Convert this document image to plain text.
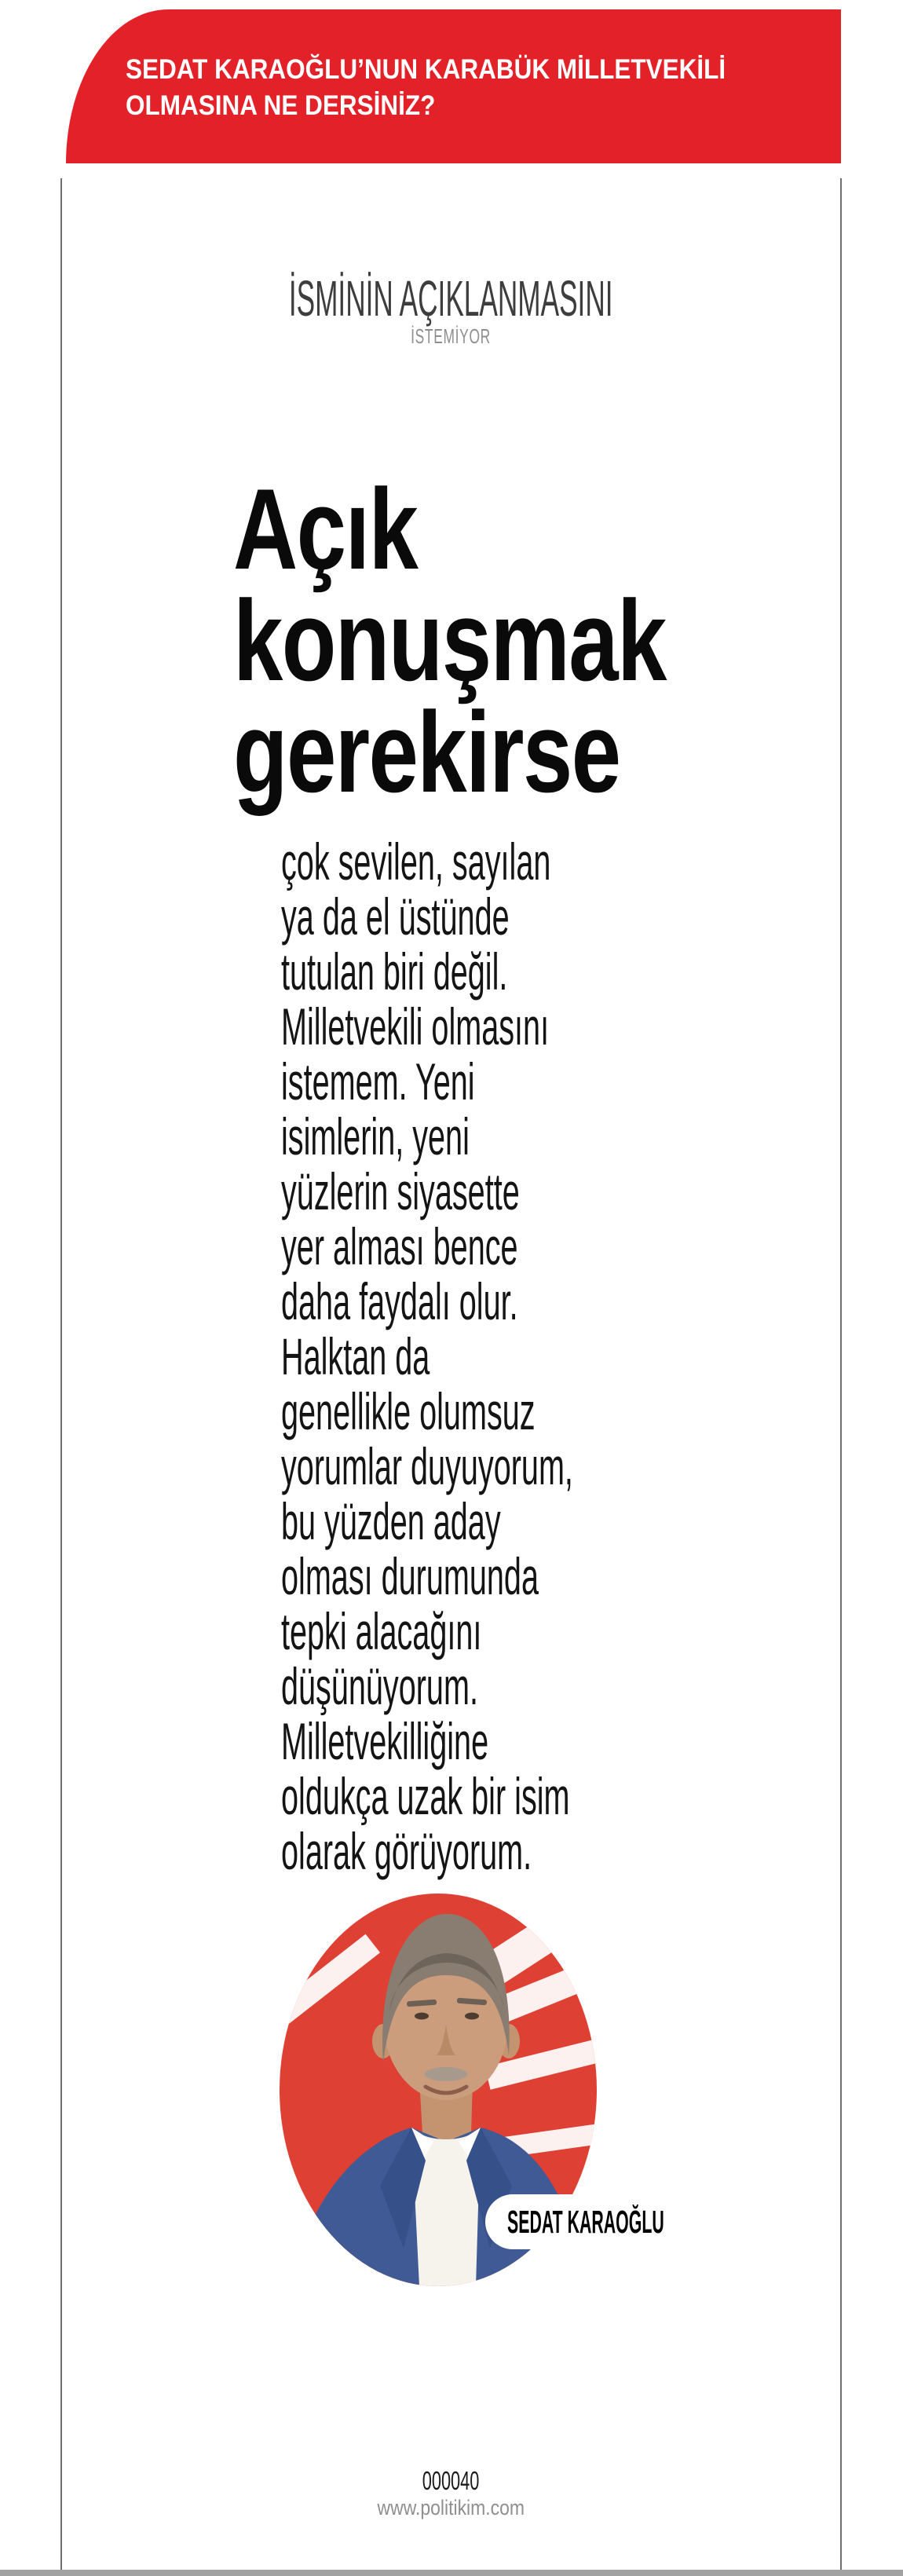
SEDAT KARAOĞLU’NUN KARABÜK MİLLETVEKİLİ
OLMASINA NE DERSİNİZ?
İSMİNİN AÇIKLANMASINI
İSTEMİYOR
Açık
konuşmak
gerekirse
çok sevilen, sayılan
ya da el üstünde
tutulan biri değil.
Milletvekili olmasını
istemem. Yeni
isimlerin, yeni
yüzlerin siyasette
yer alması bence
daha faydalı olur.
Halktan da
genellikle olumsuz
yorumlar duyuyorum,
bu yüzden aday
olması durumunda
tepki alacağını
düşünüyorum.
Milletvekilliğine
oldukça uzak bir isim
olarak görüyorum.
SEDAT KARAOĞLU
000040
www.politikim.com
